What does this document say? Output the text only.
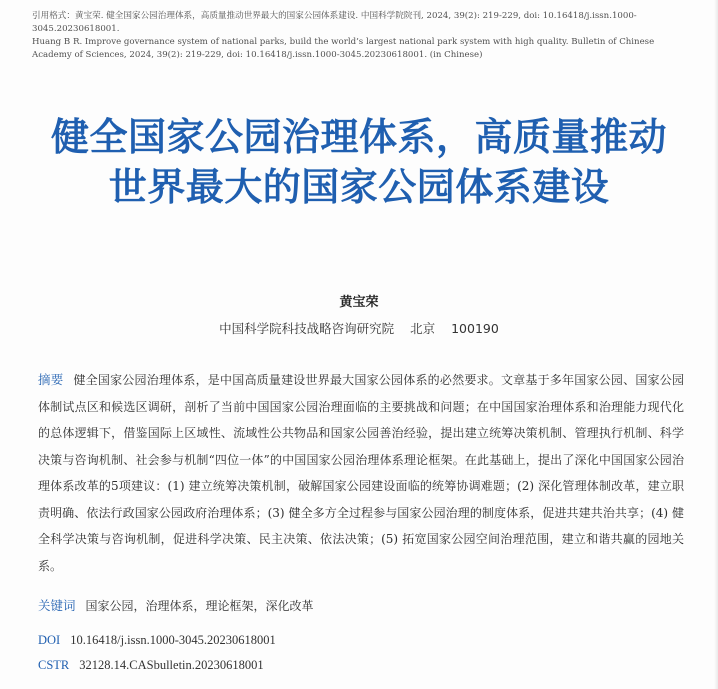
引用格式：黄宝荣. 健全国家公园治理体系，高质量推动世界最大的国家公园体系建设. 中国科学院院刊, 2024, 39(2): 219-229, doi: 10.16418/j.issn.1000-3045.20230618001.

Huang B R. Improve governance system of national parks, build the world’s largest national park system with high quality. Bulletin of Chinese Academy of Sciences, 2024, 39(2): 219-229, doi: 10.16418/j.issn.1000-3045.20230618001. (in Chinese)

健全国家公园治理体系，高质量推动
世界最大的国家公园体系建设
黄宝荣
中国科学院科技战略咨询研究院 北京 100190

摘要 健全国家公园治理体系，是中国高质量建设世界最大国家公园体系的必然要求。文章基于多年国家公园、国家公园体制试点区和候选区调研，剖析了当前中国国家公园治理面临的主要挑战和问题；在中国国家治理体系和治理能力现代化的总体逻辑下，借鉴国际上区域性、流域性公共物品和国家公园善治经验，提出建立统筹决策机制、管理执行机制、科学决策与咨询机制、社会参与机制“四位一体”的中国国家公园治理体系理论框架。在此基础上，提出了深化中国国家公园治理体系改革的5项建议：(1) 建立统筹决策机制，破解国家公园建设面临的统筹协调难题；(2) 深化管理体制改革，建立职责明确、依法行政国家公园政府治理体系；(3) 健全多方全过程参与国家公园治理的制度体系，促进共建共治共享；(4) 健全科学决策与咨询机制，促进科学决策、民主决策、依法决策；(5) 拓宽国家公园空间治理范围，建立和谐共赢的园地关系。

关键词 国家公园，治理体系，理论框架，深化改革
DOI 10.16418/j.issn.1000-3045.20230618001
CSTR 32128.14.CASbulletin.20230618001
